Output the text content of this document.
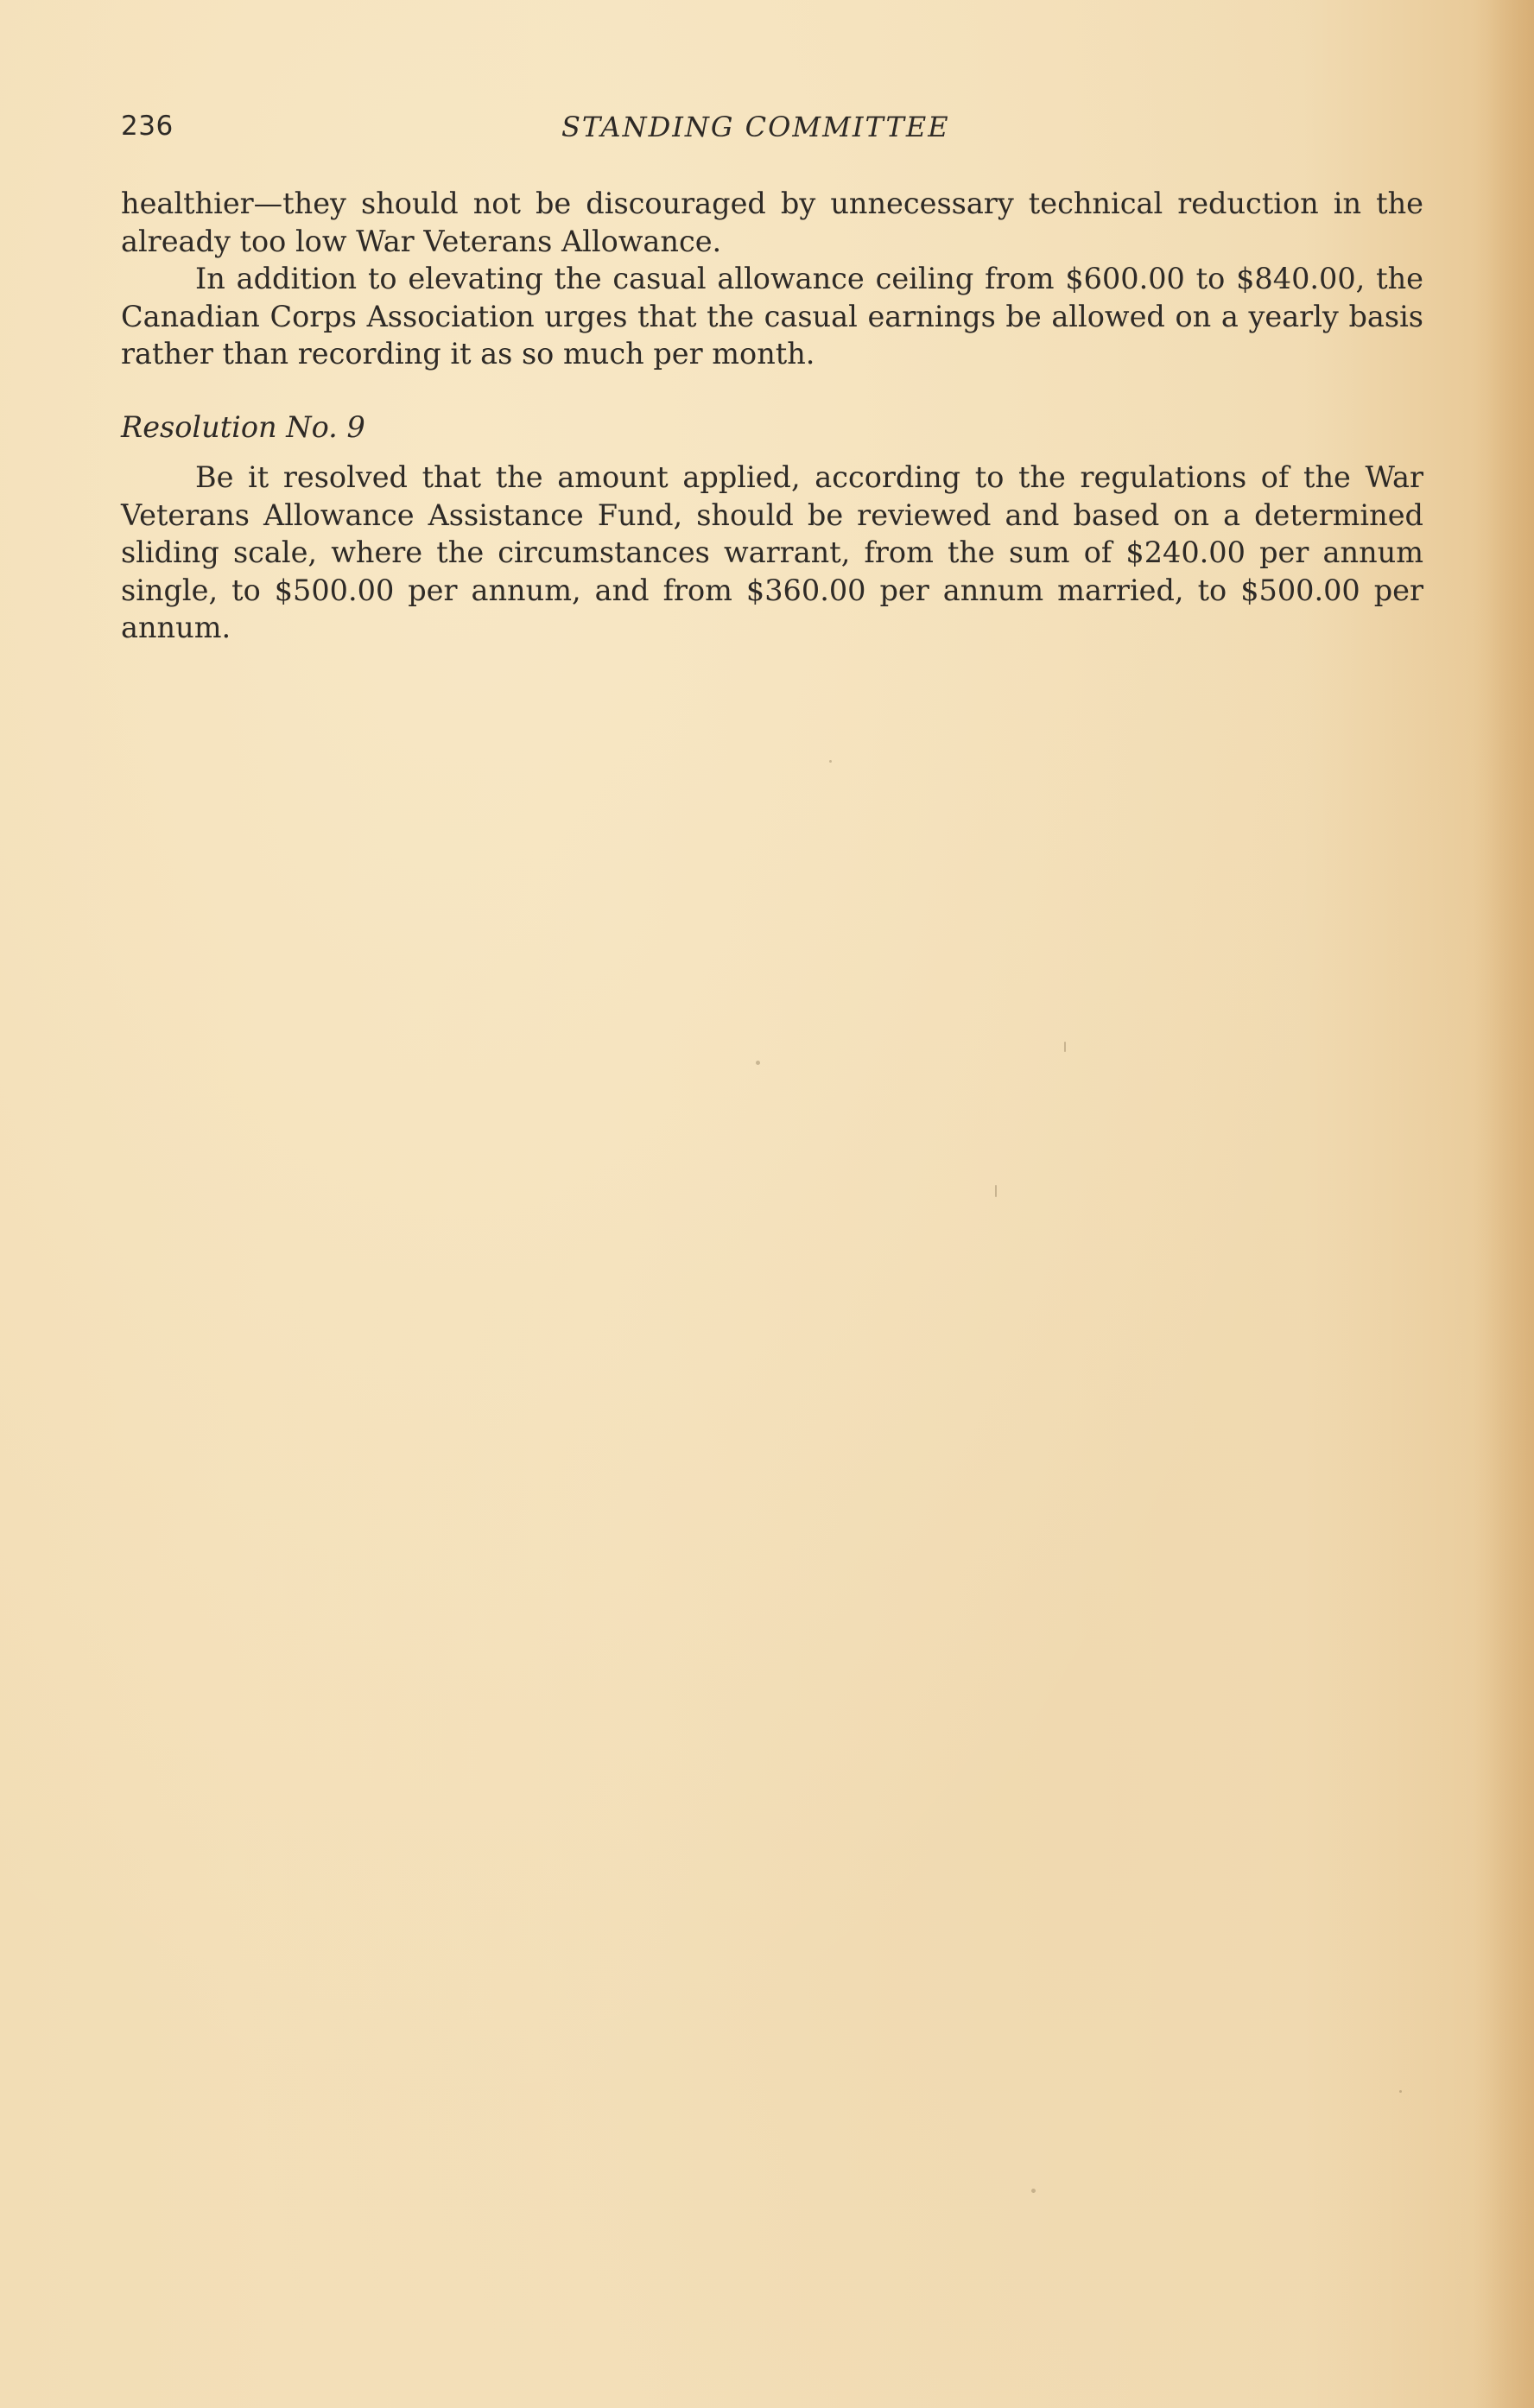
236	STANDING COMMITTEE

healthier—they should not be discouraged by unnecessary technical reduction in the already too low War Veterans Allowance.

In addition to elevating the casual allowance ceiling from $600.00 to $840.00, the Canadian Corps Association urges that the casual earnings be allowed on a yearly basis rather than recording it as so much per month.

Resolution No. 9

Be it resolved that the amount applied, according to the regulations of the War Veterans Allowance Assistance Fund, should be reviewed and based on a determined sliding scale, where the circumstances warrant, from the sum of $240.00 per annum single, to $500.00 per annum, and from $360.00 per annum married, to $500.00 per annum.
